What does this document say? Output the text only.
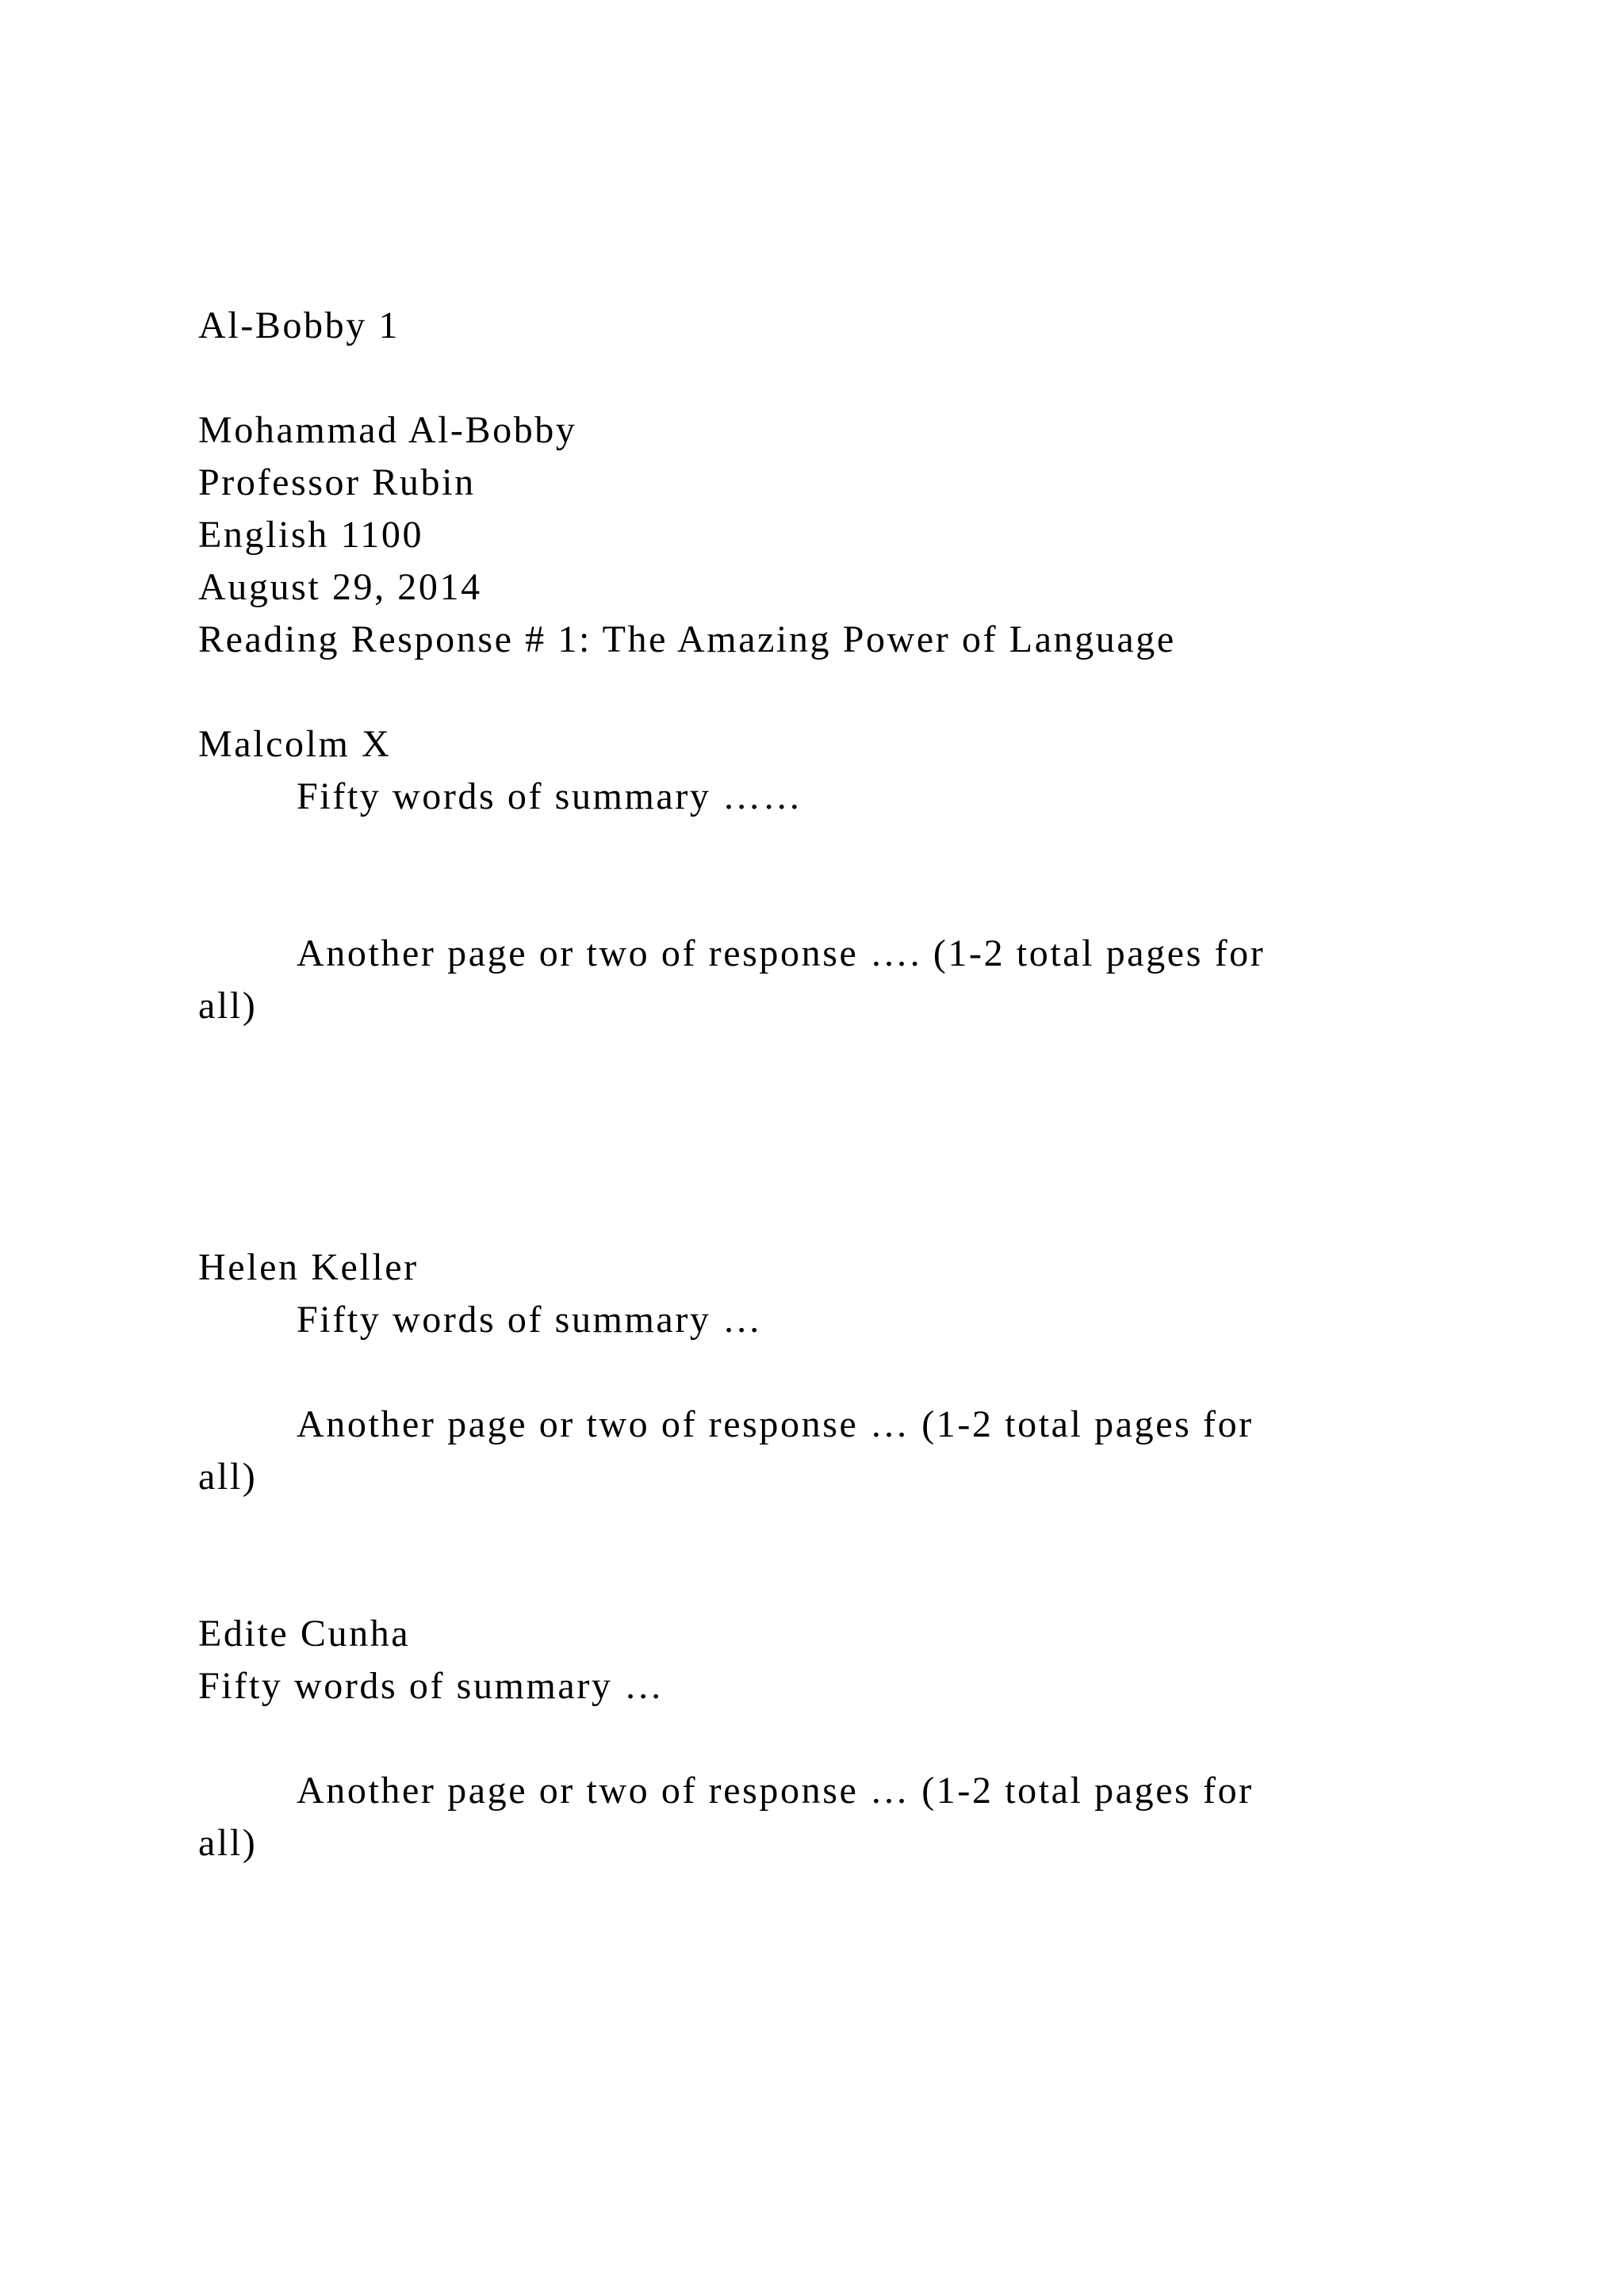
Al-Bobby 1
Mohammad Al-Bobby
Professor Rubin
English 1100
August 29, 2014
Reading Response # 1: The Amazing Power of Language
Malcolm X
Fifty words of summary ……
Another page or two of response …. (1-2 total pages for
all)
Helen Keller
Fifty words of summary …
Another page or two of response … (1-2 total pages for
all)
Edite Cunha
Fifty words of summary …
Another page or two of response … (1-2 total pages for
all)
